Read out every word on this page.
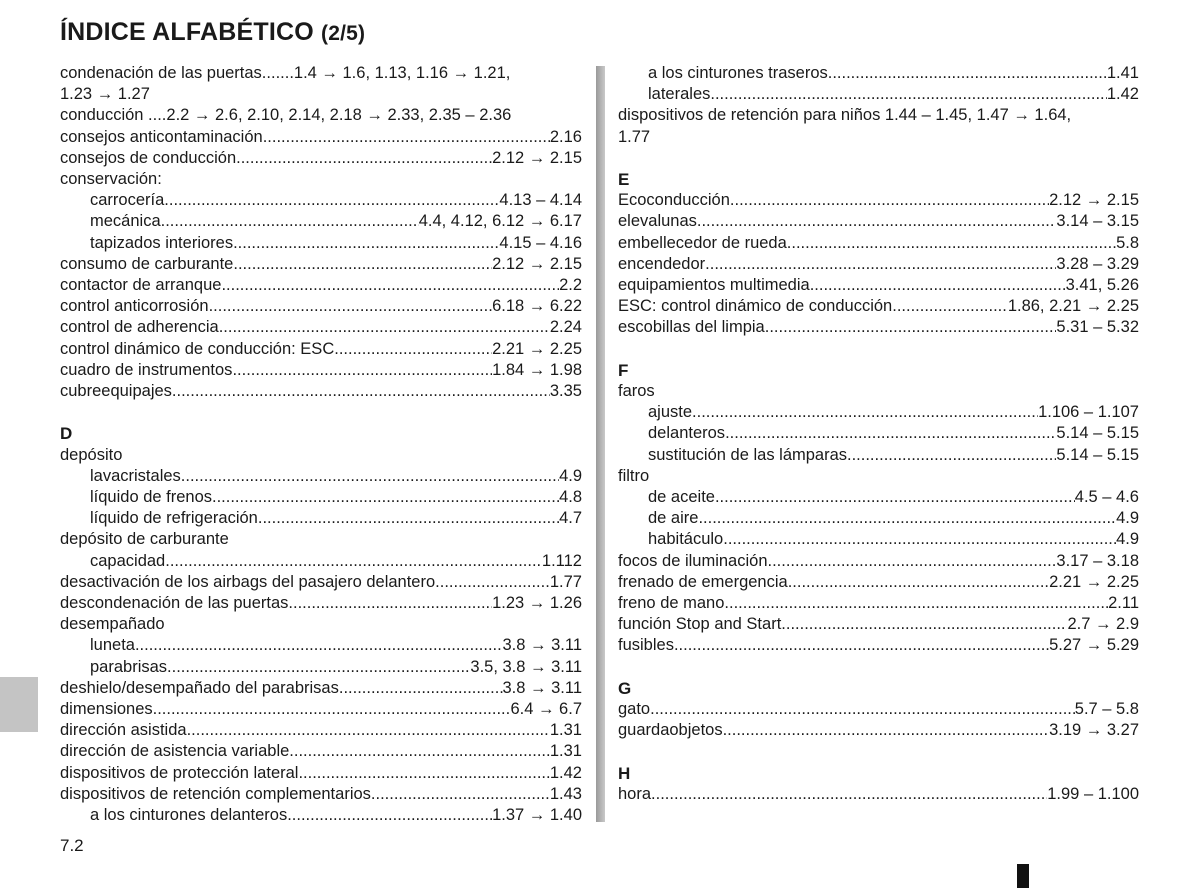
ÍNDICE ALFABÉTICO (2/5)
condenación de las puertas.......1.4 → 1.6, 1.13, 1.16 → 1.21,
1.23 → 1.27
conducción ....2.2 → 2.6, 2.10, 2.14, 2.18 → 2.33, 2.35 – 2.36
consejos anticontaminación .....	2.16
consejos de conducción .....	2.12 → 2.15
conservación:
carrocería .....	4.13 – 4.14
mecánica .....	4.4, 4.12, 6.12 → 6.17
tapizados interiores .....	4.15 – 4.16
consumo de carburante .....	2.12 → 2.15
contactor de arranque .....	2.2
control anticorrosión .....	6.18 → 6.22
control de adherencia .....	2.24
control dinámico de conducción: ESC .....	2.21 → 2.25
cuadro de instrumentos .....	1.84 → 1.98
cubreequipajes .....	3.35
D
depósito
lavacristales .....	4.9
líquido de frenos .....	4.8
líquido de refrigeración .....	4.7
depósito de carburante
capacidad .....	1.112
desactivación de los airbags del pasajero delantero .....	1.77
descondenación de las puertas .....	1.23 → 1.26
desempañado
luneta .....	3.8 → 3.11
parabrisas .....	3.5, 3.8 → 3.11
deshielo/desempañado del parabrisas .....	3.8 → 3.11
dimensiones .....	6.4 → 6.7
dirección asistida .....	1.31
dirección de asistencia variable .....	1.31
dispositivos de protección lateral .....	1.42
dispositivos de retención complementarios .....	1.43
a los cinturones delanteros .....	1.37 → 1.40
a los cinturones traseros .....	1.41
laterales .....	1.42
dispositivos de retención para niños 1.44 – 1.45, 1.47 → 1.64,
1.77
E
Ecoconducción .....	2.12 → 2.15
elevalunas .....	3.14 – 3.15
embellecedor de rueda .....	5.8
encendedor .....	3.28 – 3.29
equipamientos multimedia .....	3.41, 5.26
ESC: control dinámico de conducción .....	1.86, 2.21 → 2.25
escobillas del limpia .....	5.31 – 5.32
F
faros
ajuste .....	1.106 – 1.107
delanteros .....	5.14 – 5.15
sustitución de las lámparas .....	5.14 – 5.15
filtro
de aceite .....	4.5 – 4.6
de aire .....	4.9
habitáculo .....	4.9
focos de iluminación .....	3.17 – 3.18
frenado de emergencia .....	2.21 → 2.25
freno de mano .....	2.11
función Stop and Start .....	2.7 → 2.9
fusibles .....	5.27 → 5.29
G
gato .....	5.7 – 5.8
guardaobjetos .....	3.19 → 3.27
H
hora .....	1.99 – 1.100
7.2
